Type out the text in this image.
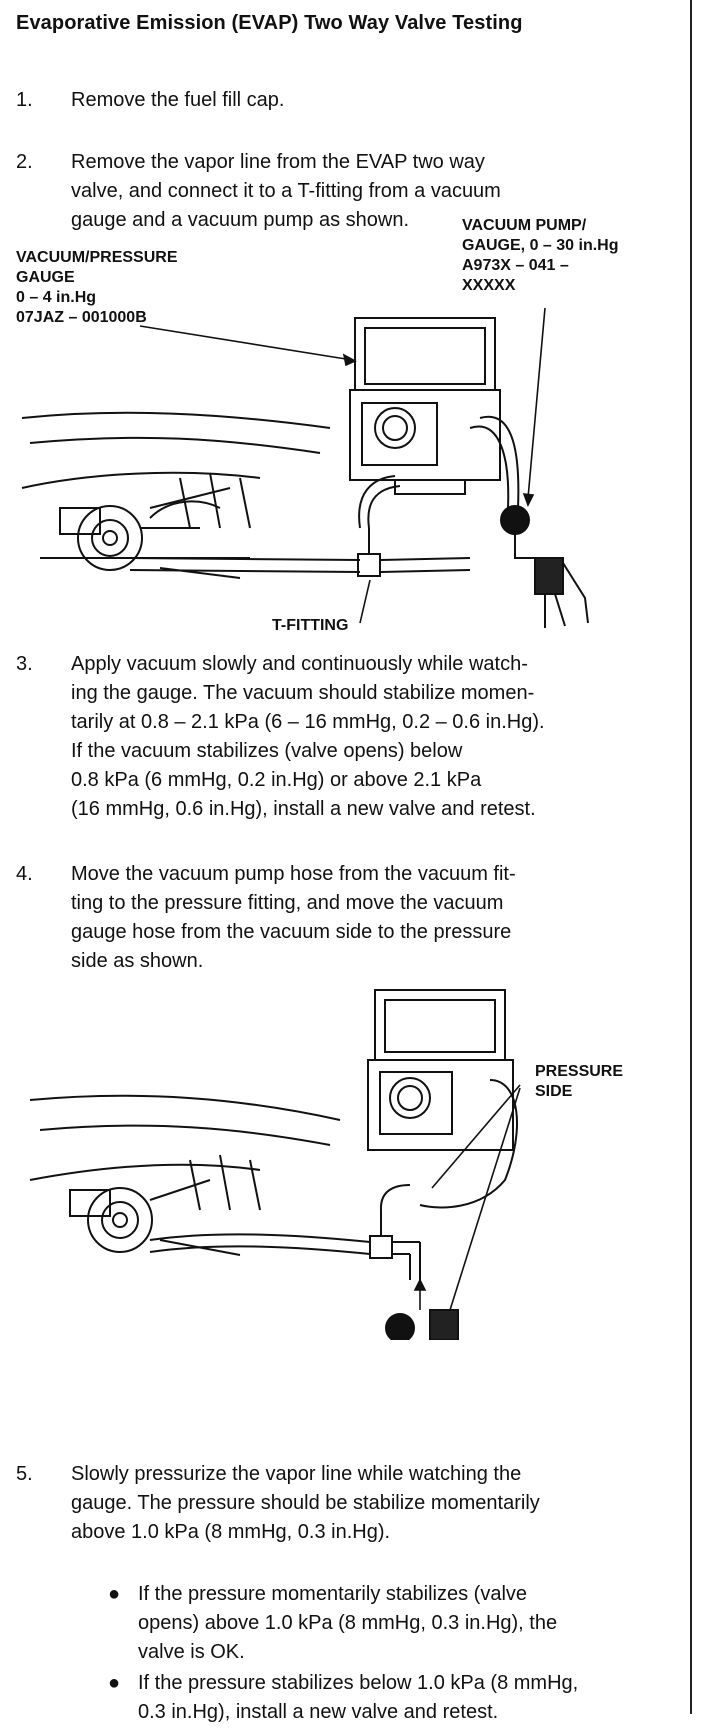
Evaporative Emission (EVAP) Two Way Valve Testing
1. Remove the fuel fill cap.
2. Remove the vapor line from the EVAP two way
valve, and connect it to a T-fitting from a vacuum
gauge and a vacuum pump as shown.
VACUUM/PRESSURE
GAUGE
0 – 4 in.Hg
07JAZ – 001000B
VACUUM PUMP/
GAUGE, 0 – 30 in.Hg
A973X – 041 –
XXXXX
T-FITTING
3. Apply vacuum slowly and continuously while watch-
ing the gauge. The vacuum should stabilize momen-
tarily at 0.8 – 2.1 kPa (6 – 16 mmHg, 0.2 – 0.6 in.Hg).
If the vacuum stabilizes (valve opens) below
0.8 kPa (6 mmHg, 0.2 in.Hg) or above 2.1 kPa
(16 mmHg, 0.6 in.Hg), install a new valve and retest.
4. Move the vacuum pump hose from the vacuum fit-
ting to the pressure fitting, and move the vacuum
gauge hose from the vacuum side to the pressure
side as shown.
PRESSURE
SIDE
5. Slowly pressurize the vapor line while watching the
gauge. The pressure should be stabilize momentarily
above 1.0 kPa (8 mmHg, 0.3 in.Hg).
● If the pressure momentarily stabilizes (valve
opens) above 1.0 kPa (8 mmHg, 0.3 in.Hg), the
valve is OK.
● If the pressure stabilizes below 1.0 kPa (8 mmHg,
0.3 in.Hg), install a new valve and retest.
